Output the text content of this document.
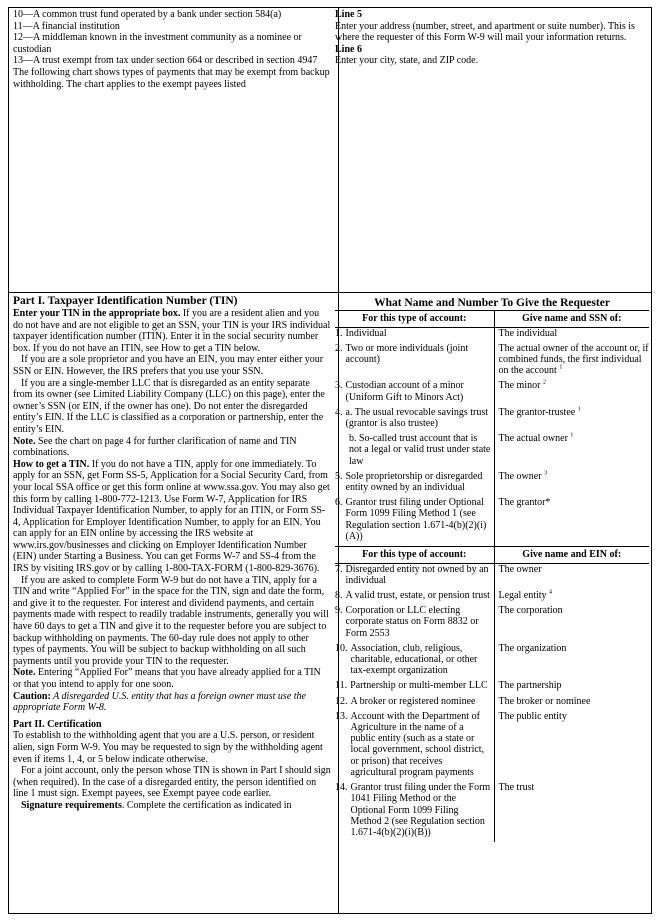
10—A common trust fund operated by a bank under section 584(a)

11—A financial institution

12—A middleman known in the investment community as a nominee or custodian

13—A trust exempt from tax under section 664 or described in section 4947

The following chart shows types of payments that may be exempt from backup withholding. The chart applies to the exempt payees listed

Line 5

Enter your address (number, street, and apartment or suite number). This is where the requester of this Form W-9 will mail your information returns.

Line 6

Enter your city, state, and ZIP code.

Part I. Taxpayer Identification Number (TIN)

Enter your TIN in the appropriate box. If you are a resident alien and you do not have and are not eligible to get an SSN, your TIN is your IRS individual taxpayer identification number (ITIN). Enter it in the social security number box. If you do not have an ITIN, see How to get a TIN below.

If you are a sole proprietor and you have an EIN, you may enter either your SSN or EIN. However, the IRS prefers that you use your SSN.

If you are a single-member LLC that is disregarded as an entity separate from its owner (see Limited Liability Company (LLC) on this page), enter the owner’s SSN (or EIN, if the owner has one). Do not enter the disregarded entity’s EIN. If the LLC is classified as a corporation or partnership, enter the entity’s EIN.

Note. See the chart on page 4 for further clarification of name and TIN combinations.

How to get a TIN. If you do not have a TIN, apply for one immediately. To apply for an SSN, get Form SS-5, Application for a Social Security Card, from your local SSA office or get this form online at www.ssa.gov. You may also get this form by calling 1-800-772-1213. Use Form W-7, Application for IRS Individual Taxpayer Identification Number, to apply for an ITIN, or Form SS-4, Application for Employer Identification Number, to apply for an EIN. You can apply for an EIN online by accessing the IRS website at www.irs.gov/businesses and clicking on Employer Identification Number (EIN) under Starting a Business. You can get Forms W-7 and SS-4 from the IRS by visiting IRS.gov or by calling 1-800-TAX-FORM (1-800-829-3676).

If you are asked to complete Form W-9 but do not have a TIN, apply for a TIN and write “Applied For” in the space for the TIN, sign and date the form, and give it to the requester. For interest and dividend payments, and certain payments made with respect to readily tradable instruments, generally you will have 60 days to get a TIN and give it to the requester before you are subject to backup withholding on payments. The 60-day rule does not apply to other types of payments. You will be subject to backup withholding on all such payments until you provide your TIN to the requester.

Note. Entering “Applied For” means that you have already applied for a TIN or that you intend to apply for one soon.

Caution: A disregarded U.S. entity that has a foreign owner must use the appropriate Form W-8.

Part II. Certification

To establish to the withholding agent that you are a U.S. person, or resident alien, sign Form W-9. You may be requested to sign by the withholding agent even if items 1, 4, or 5 below indicate otherwise.

For a joint account, only the person whose TIN is shown in Part I should sign (when required). In the case of a disregarded entity, the person identified on line 1 must sign. Exempt payees, see Exempt payee code earlier.

Signature requirements. Complete the certification as indicated in

What Name and Number To Give the Requester
For this type of account:	Give name and SSN of:

1. Individual	The individual

2. Two or more individuals (joint account)	The actual owner of the account or, if combined funds, the first individual on the account $^1$

3. Custodian account of a minor (Uniform Gift to Minors Act)	The minor $^2$

4. a. The usual revocable savings trust (grantor is also trustee)	The grantor-trustee $^1$

b. So-called trust account that is not a legal or valid trust under state law	The actual owner $^1$

5. Sole proprietorship or disregarded entity owned by an individual	The owner $^3$

6. Grantor trust filing under Optional Form 1099 Filing Method 1 (see Regulation section 1.671-4(b)(2)(i)(A))	The grantor*
For this type of account:	Give name and EIN of:

7. Disregarded entity not owned by an individual	The owner

8. A valid trust, estate, or pension trust	Legal entity $^4$

9. Corporation or LLC electing corporate status on Form 8832 or Form 2553	The corporation

10. Association, club, religious, charitable, educational, or other tax-exempt organization	The organization

11. Partnership or multi-member LLC	The partnership

12. A broker or registered nominee	The broker or nominee

13. Account with the Department of Agriculture in the name of a public entity (such as a state or local government, school district, or prison) that receives agricultural program payments	The public entity

14. Grantor trust filing under the Form 1041 Filing Method or the Optional Form 1099 Filing Method 2 (see Regulation section 1.671-4(b)(2)(i)(B))	The trust
